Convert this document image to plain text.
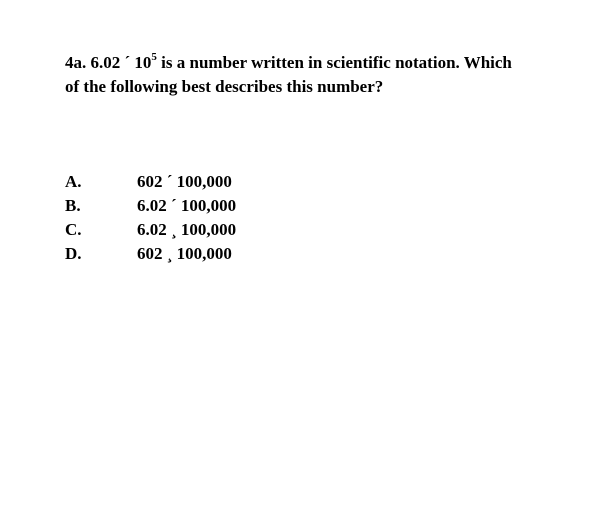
4a. 6.02 ´ $10^5$ is a number written in scientific notation. Which of the following best describes this number?
A.	602 ´ 100,000
B.	6.02 ´ 100,000
C.	6.02 ¸ 100,000
D.	602 ¸ 100,000
